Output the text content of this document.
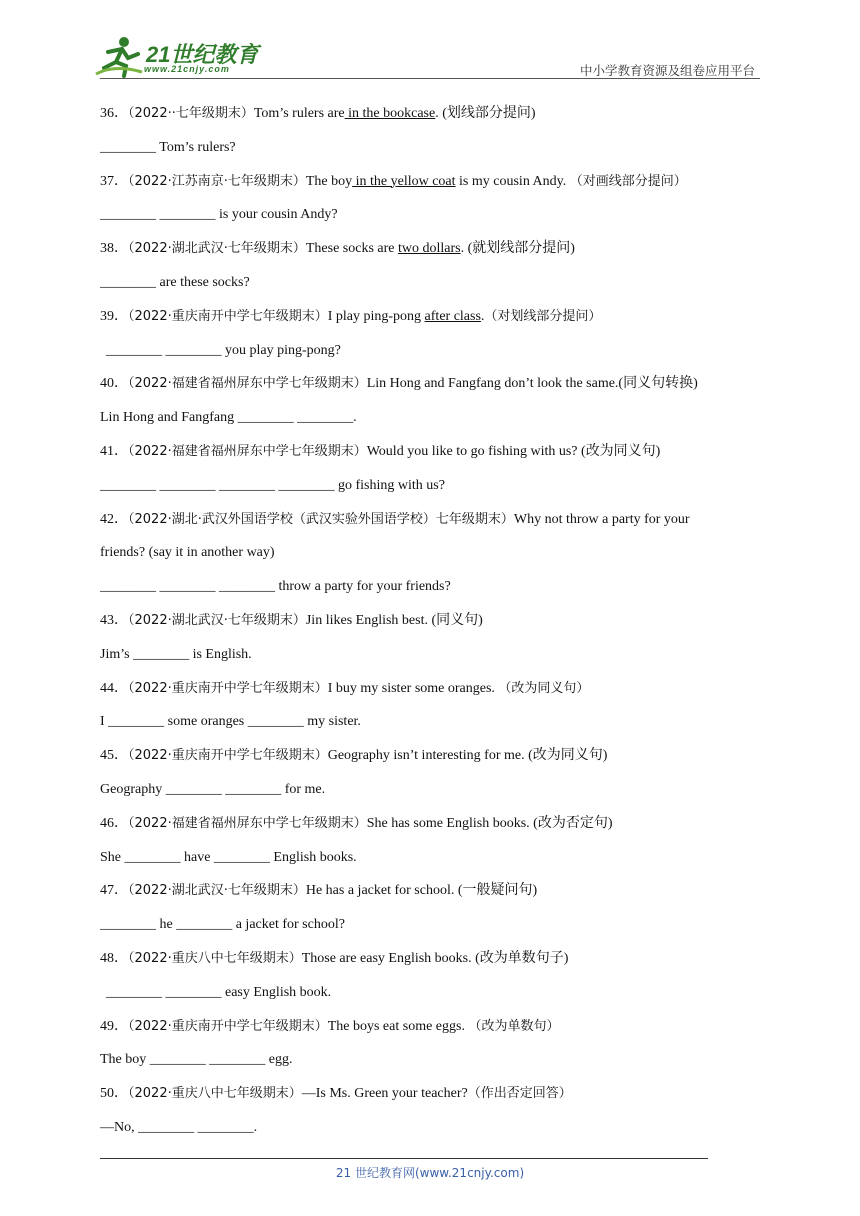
21世纪教育
www.21cnjy.com	中小学教育资源及组卷应用平台
36．（2022··七年级期末）Tom’s rulers are in the bookcase. (划线部分提问)
________ Tom’s rulers?
37．（2022·江苏南京·七年级期末）The boy in the yellow coat is my cousin Andy. （对画线部分提问）
________ ________ is your cousin Andy?
38．（2022·湖北武汉·七年级期末）These socks are two dollars. (就划线部分提问)
________ are these socks?
39．（2022·重庆南开中学七年级期末）I play ping-pong after class.（对划线部分提问）
________ ________ you play ping-pong?
40．（2022·福建省福州屏东中学七年级期末）Lin Hong and Fangfang don’t look the same.(同义句转换)
Lin Hong and Fangfang ________ ________.
41．（2022·福建省福州屏东中学七年级期末）Would you like to go fishing with us? (改为同义句)
________ ________ ________ ________ go fishing with us?
42．（2022·湖北·武汉外国语学校（武汉实验外国语学校）七年级期末）Why not throw a party for your
friends? (say it in another way)
________ ________ ________ throw a party for your friends?
43．（2022·湖北武汉·七年级期末）Jin likes English best. (同义句)
Jim’s ________ is English.
44．（2022·重庆南开中学七年级期末）I buy my sister some oranges. （改为同义句）
I ________ some oranges ________ my sister.
45．（2022·重庆南开中学七年级期末）Geography isn’t interesting for me. (改为同义句)
Geography ________ ________ for me.
46．（2022·福建省福州屏东中学七年级期末）She has some English books. (改为否定句)
She ________ have ________ English books.
47．（2022·湖北武汉·七年级期末）He has a jacket for school. (一般疑问句)
________ he ________ a jacket for school?
48．（2022·重庆八中七年级期末）Those are easy English books. (改为单数句子)
________ ________ easy English book.
49．（2022·重庆南开中学七年级期末）The boys eat some eggs. （改为单数句）
The boy ________ ________ egg.
50．（2022·重庆八中七年级期末）—Is Ms. Green your teacher?（作出否定回答）
—No, ________ ________.
21 世纪教育网(www.21cnjy.com)
